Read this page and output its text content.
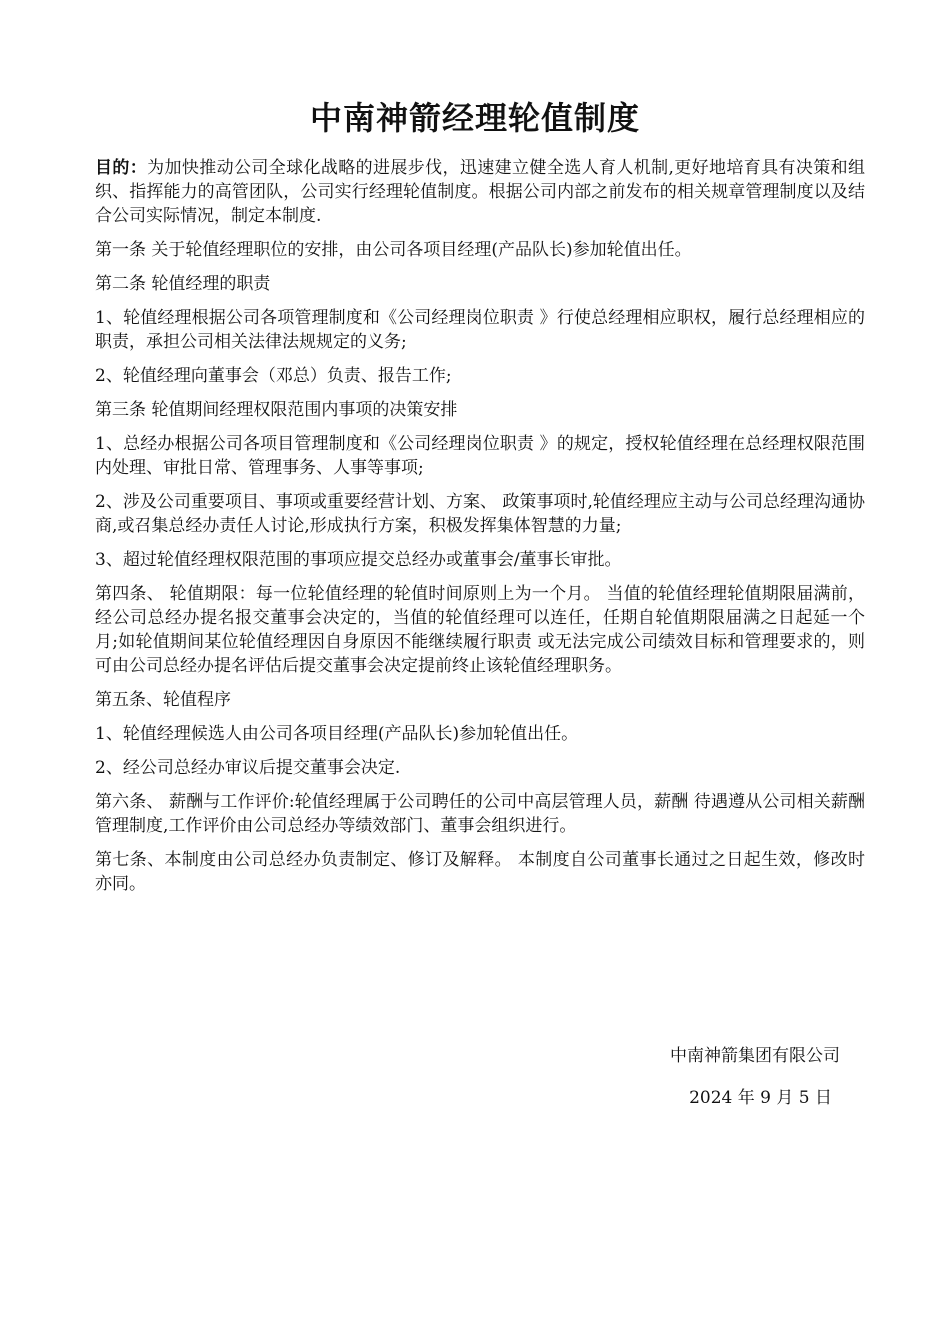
中南神箭经理轮值制度

目的：为加快推动公司全球化战略的进展步伐，迅速建立健全选人育人机制,更好地培育具有决策和组织、指挥能力的高管团队，公司实行经理轮值制度。根据公司内部之前发布的相关规章管理制度以及结合公司实际情况，制定本制度.

第一条 关于轮值经理职位的安排，由公司各项目经理(产品队长)参加轮值出任。

第二条 轮值经理的职责

1、轮值经理根据公司各项管理制度和《公司经理岗位职责 》行使总经理相应职权，履行总经理相应的职责，承担公司相关法律法规规定的义务;

2、轮值经理向董事会（邓总）负责、报告工作;

第三条 轮值期间经理权限范围内事项的决策安排

1、总经办根据公司各项目管理制度和《公司经理岗位职责 》的规定，授权轮值经理在总经理权限范围内处理、审批日常、管理事务、人事等事项;

2、涉及公司重要项目、事项或重要经营计划、方案、 政策事项时,轮值经理应主动与公司总经理沟通协商,或召集总经办责任人讨论,形成执行方案，积极发挥集体智慧的力量;

3、超过轮值经理权限范围的事项应提交总经办或董事会/董事长审批。

第四条、 轮值期限：每一位轮值经理的轮值时间原则上为一个月。 当值的轮值经理轮值期限届满前，经公司总经办提名报交董事会决定的，当值的轮值经理可以连任，任期自轮值期限届满之日起延一个月;如轮值期间某位轮值经理因自身原因不能继续履行职责 或无法完成公司绩效目标和管理要求的，则可由公司总经办提名评估后提交董事会决定提前终止该轮值经理职务。

第五条、轮值程序

1、轮值经理候选人由公司各项目经理(产品队长)参加轮值出任。

2、经公司总经办审议后提交董事会决定.

第六条、 薪酬与工作评价:轮值经理属于公司聘任的公司中高层管理人员，薪酬 待遇遵从公司相关薪酬管理制度,工作评价由公司总经办等绩效部门、董事会组织进行。

第七条、本制度由公司总经办负责制定、修订及解释。 本制度自公司董事长通过之日起生效，修改时亦同。

中南神箭集团有限公司
2024 年 9 月 5 日
